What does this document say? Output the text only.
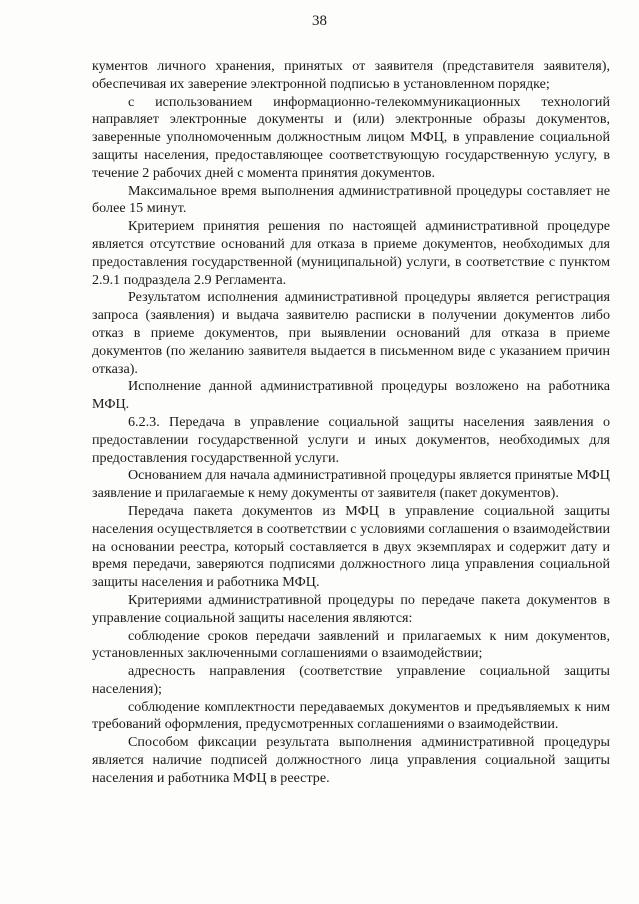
38

кументов личного хранения, принятых от заявителя (представителя заявителя), обеспечивая их заверение электронной подписью в установленном порядке;

с использованием информационно-телекоммуникационных технологий направляет электронные документы и (или) электронные образы документов, заверенные уполномоченным должностным лицом МФЦ, в управление социальной защиты населения, предоставляющее соответствующую государственную услугу, в течение 2 рабочих дней с момента принятия документов.

Максимальное время выполнения административной процедуры составляет не более 15 минут.

Критерием принятия решения по настоящей административной процедуре является отсутствие оснований для отказа в приеме документов, необходимых для предоставления государственной (муниципальной) услуги, в соответствие с пунктом 2.9.1 подраздела 2.9 Регламента.

Результатом исполнения административной процедуры является регистрация запроса (заявления) и выдача заявителю расписки в получении документов либо отказ в приеме документов, при выявлении оснований для отказа в приеме документов (по желанию заявителя выдается в письменном виде с указанием причин отказа).

Исполнение данной административной процедуры возложено на работника МФЦ.

6.2.3. Передача в управление социальной защиты населения заявления о предоставлении государственной услуги и иных документов, необходимых для предоставления государственной услуги.

Основанием для начала административной процедуры является принятые МФЦ заявление и прилагаемые к нему документы от заявителя (пакет документов).

Передача пакета документов из МФЦ в управление социальной защиты населения осуществляется в соответствии с условиями соглашения о взаимодействии на основании реестра, который составляется в двух экземплярах и содержит дату и время передачи, заверяются подписями должностного лица управления социальной защиты населения и работника МФЦ.

Критериями административной процедуры по передаче пакета документов в управление социальной защиты населения являются:

соблюдение сроков передачи заявлений и прилагаемых к ним документов, установленных заключенными соглашениями о взаимодействии;

адресность направления (соответствие управление социальной защиты населения);

соблюдение комплектности передаваемых документов и предъявляемых к ним требований оформления, предусмотренных соглашениями о взаимодействии.

Способом фиксации результата выполнения административной процедуры является наличие подписей должностного лица управления социальной защиты населения и работника МФЦ в реестре.
